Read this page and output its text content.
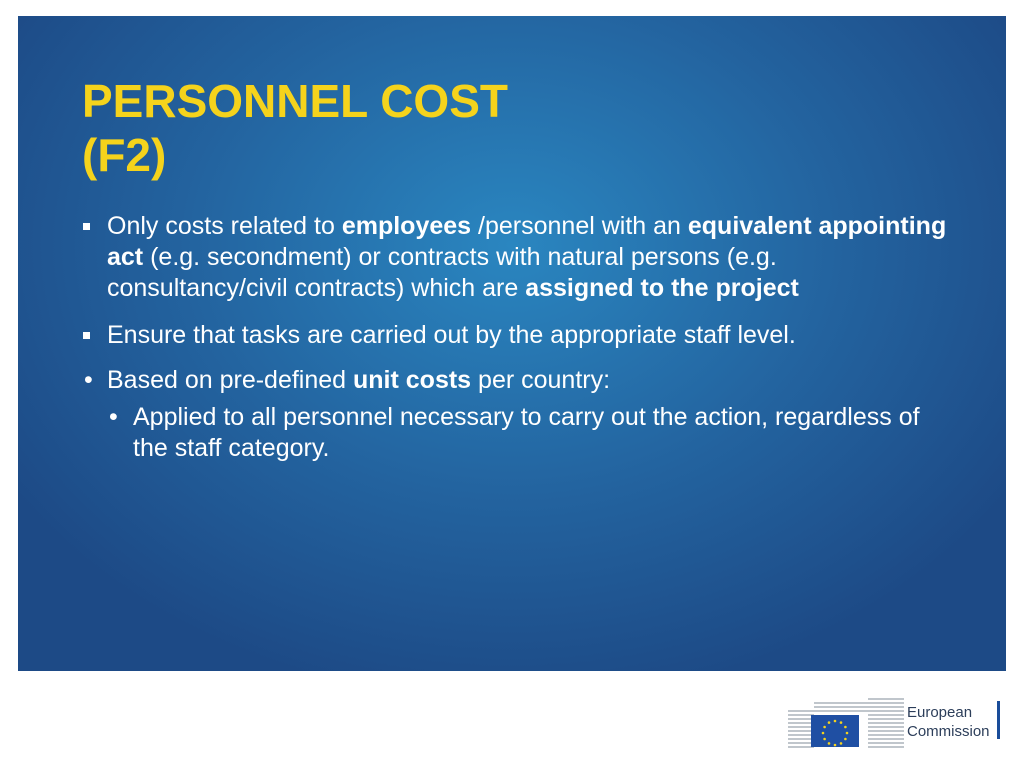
PERSONNEL COST
(F2)
Only costs related to employees /personnel with an equivalent appointing act (e.g. secondment) or contracts with natural persons (e.g. consultancy/civil contracts) which are assigned to the project
Ensure that tasks are carried out by the appropriate staff level.
• Based on pre-defined unit costs per country:
• Applied to all personnel necessary to carry out the action, regardless of the staff category.
European
Commission
